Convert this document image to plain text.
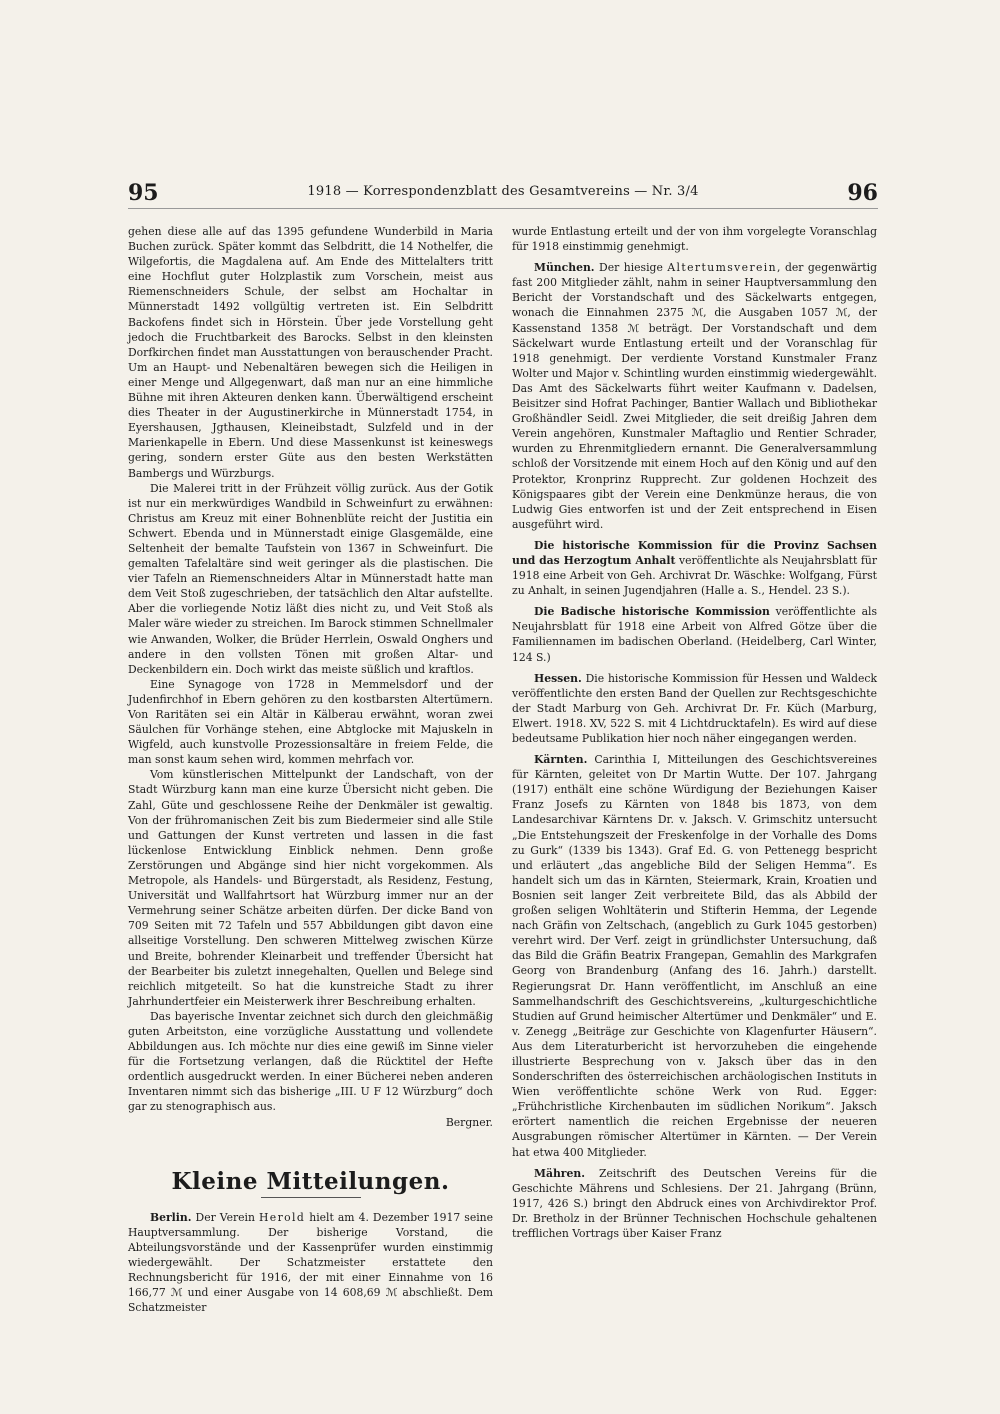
95	1918 — Korrespondenzblatt des Gesamtvereins — Nr. 3/4	96

gehen diese alle auf das 1395 gefundene Wunderbild in Maria Buchen zurück. Später kommt das Selbdritt, die 14 Nothelfer, die Wilgefortis, die Magdalena auf. Am Ende des Mittelalters tritt eine Hochflut guter Holzplastik zum Vorschein, meist aus Riemenschneiders Schule, der selbst am Hochaltar in Münnerstadt 1492 vollgültig vertreten ist. Ein Selbdritt Backofens findet sich in Hörstein. Über jede Vorstellung geht jedoch die Fruchtbarkeit des Barocks. Selbst in den kleinsten Dorfkirchen findet man Ausstattungen von berauschender Pracht. Um an Haupt- und Nebenaltären bewegen sich die Heiligen in einer Menge und Allgegenwart, daß man nur an eine himmliche Bühne mit ihren Akteuren denken kann. Überwältigend erscheint dies Theater in der Augustinerkirche in Münnerstadt 1754, in Eyershausen, Jgthausen, Kleineibstadt, Sulzfeld und in der Marienkapelle in Ebern. Und diese Massenkunst ist keineswegs gering, sondern erster Güte aus den besten Werkstätten Bambergs und Würzburgs.

Die Malerei tritt in der Frühzeit völlig zurück. Aus der Gotik ist nur ein merkwürdiges Wandbild in Schweinfurt zu erwähnen: Christus am Kreuz mit einer Bohnenblüte reicht der Justitia ein Schwert. Ebenda und in Münnerstadt einige Glasgemälde, eine Seltenheit der bemalte Taufstein von 1367 in Schweinfurt. Die gemalten Tafelaltäre sind weit geringer als die plastischen. Die vier Tafeln an Riemenschneiders Altar in Münnerstadt hatte man dem Veit Stoß zugeschrieben, der tatsächlich den Altar aufstellte. Aber die vorliegende Notiz läßt dies nicht zu, und Veit Stoß als Maler wäre wieder zu streichen. Im Barock stimmen Schnellmaler wie Anwanden, Wolker, die Brüder Herrlein, Oswald Onghers und andere in den vollsten Tönen mit großen Altar- und Deckenbildern ein. Doch wirkt das meiste süßlich und kraftlos.

Eine Synagoge von 1728 in Memmelsdorf und der Judenfirchhof in Ebern gehören zu den kostbarsten Altertümern. Von Raritäten sei ein Altär in Kälberau erwähnt, woran zwei Säulchen für Vorhänge stehen, eine Abtglocke mit Majuskeln in Wigfeld, auch kunstvolle Prozessionsaltäre in freiem Felde, die man sonst kaum sehen wird, kommen mehrfach vor.

Vom künstlerischen Mittelpunkt der Landschaft, von der Stadt Würzburg kann man eine kurze Übersicht nicht geben. Die Zahl, Güte und geschlossene Reihe der Denkmäler ist gewaltig. Von der frühromanischen Zeit bis zum Biedermeier sind alle Stile und Gattungen der Kunst vertreten und lassen in die fast lückenlose Entwicklung Einblick nehmen. Denn große Zerstörungen und Abgänge sind hier nicht vorgekommen. Als Metropole, als Handels- und Bürgerstadt, als Residenz, Festung, Universität und Wallfahrtsort hat Würzburg immer nur an der Vermehrung seiner Schätze arbeiten dürfen. Der dicke Band von 709 Seiten mit 72 Tafeln und 557 Abbildungen gibt davon eine allseitige Vorstellung. Den schweren Mittelweg zwischen Kürze und Breite, bohrender Kleinarbeit und treffender Übersicht hat der Bearbeiter bis zuletzt innegehalten, Quellen und Belege sind reichlich mitgeteilt. So hat die kunstreiche Stadt zu ihrer Jahrhundertfeier ein Meisterwerk ihrer Beschreibung erhalten.

Das bayerische Inventar zeichnet sich durch den gleichmäßig guten Arbeitston, eine vorzügliche Ausstattung und vollendete Abbildungen aus. Ich möchte nur dies eine gewiß im Sinne vieler für die Fortsetzung verlangen, daß die Rücktitel der Hefte ordentlich ausgedruckt werden. In einer Bücherei neben anderen Inventaren nimmt sich das bisherige „III. U F 12 Würzburg“ doch gar zu stenographisch aus.

Bergner.

Kleine Mitteilungen.

Berlin. Der Verein Herold hielt am 4. Dezember 1917 seine Hauptversammlung. Der bisherige Vorstand, die Abteilungsvorstände und der Kassenprüfer wurden einstimmig wiedergewählt. Der Schatzmeister erstattete den Rechnungsbericht für 1916, der mit einer Einnahme von 16 166,77 ℳ und einer Ausgabe von 14 608,69 ℳ abschließt. Dem Schatzmeister

wurde Entlastung erteilt und der von ihm vorgelegte Voranschlag für 1918 einstimmig genehmigt.

München. Der hiesige Altertumsverein, der gegenwärtig fast 200 Mitglieder zählt, nahm in seiner Hauptversammlung den Bericht der Vorstandschaft und des Säckelwarts entgegen, wonach die Einnahmen 2375 ℳ, die Ausgaben 1057 ℳ, der Kassenstand 1358 ℳ beträgt. Der Vorstandschaft und dem Säckelwart wurde Entlastung erteilt und der Voranschlag für 1918 genehmigt. Der verdiente Vorstand Kunstmaler Franz Wolter und Major v. Schintling wurden einstimmig wiedergewählt. Das Amt des Säckelwarts führt weiter Kaufmann v. Dadelsen, Beisitzer sind Hofrat Pachinger, Bantier Wallach und Bibliothekar Großhändler Seidl. Zwei Mitglieder, die seit dreißig Jahren dem Verein angehören, Kunstmaler Maftaglio und Rentier Schrader, wurden zu Ehrenmitgliedern ernannt. Die Generalversammlung schloß der Vorsitzende mit einem Hoch auf den König und auf den Protektor, Kronprinz Rupprecht. Zur goldenen Hochzeit des Königspaares gibt der Verein eine Denkmünze heraus, die von Ludwig Gies entworfen ist und der Zeit entsprechend in Eisen ausgeführt wird.

Die historische Kommission für die Provinz Sachsen und das Herzogtum Anhalt veröffentlichte als Neujahrsblatt für 1918 eine Arbeit von Geh. Archivrat Dr. Wäschke: Wolfgang, Fürst zu Anhalt, in seinen Jugendjahren (Halle a. S., Hendel. 23 S.).

Die Badische historische Kommission veröffentlichte als Neujahrsblatt für 1918 eine Arbeit von Alfred Götze über die Familiennamen im badischen Oberland. (Heidelberg, Carl Winter, 124 S.)

Hessen. Die historische Kommission für Hessen und Waldeck veröffentlichte den ersten Band der Quellen zur Rechtsgeschichte der Stadt Marburg von Geh. Archivrat Dr. Fr. Küch (Marburg, Elwert. 1918. XV, 522 S. mit 4 Lichtdrucktafeln). Es wird auf diese bedeutsame Publikation hier noch näher eingegangen werden.

Kärnten. Carinthia I, Mitteilungen des Geschichtsvereines für Kärnten, geleitet von Dr Martin Wutte. Der 107. Jahrgang (1917) enthält eine schöne Würdigung der Beziehungen Kaiser Franz Josefs zu Kärnten von 1848 bis 1873, von dem Landesarchivar Kärntens Dr. v. Jaksch. V. Grimschitz untersucht „Die Entstehungszeit der Freskenfolge in der Vorhalle des Doms zu Gurk“ (1339 bis 1343). Graf Ed. G. von Pettenegg bespricht und erläutert „das angebliche Bild der Seligen Hemma“. Es handelt sich um das in Kärnten, Steiermark, Krain, Kroatien und Bosnien seit langer Zeit verbreitete Bild, das als Abbild der großen seligen Wohltäterin und Stifterin Hemma, der Legende nach Gräfin von Zeltschach, (angeblich zu Gurk 1045 gestorben) verehrt wird. Der Verf. zeigt in gründlichster Untersuchung, daß das Bild die Gräfin Beatrix Frangepan, Gemahlin des Markgrafen Georg von Brandenburg (Anfang des 16. Jahrh.) darstellt. Regierungsrat Dr. Hann veröffentlicht, im Anschluß an eine Sammelhandschrift des Geschichtsvereins, „kulturgeschichtliche Studien auf Grund heimischer Altertümer und Denkmäler“ und E. v. Zenegg „Beiträge zur Geschichte von Klagenfurter Häusern“. Aus dem Literaturbericht ist hervorzuheben die eingehende illustrierte Besprechung von v. Jaksch über das in den Sonderschriften des österreichischen archäologischen Instituts in Wien veröffentlichte schöne Werk von Rud. Egger: „Frühchristliche Kirchenbauten im südlichen Norikum“. Jaksch erörtert namentlich die reichen Ergebnisse der neueren Ausgrabungen römischer Altertümer in Kärnten. — Der Verein hat etwa 400 Mitglieder.

Mähren. Zeitschrift des Deutschen Vereins für die Geschichte Mährens und Schlesiens. Der 21. Jahrgang (Brünn, 1917, 426 S.) bringt den Abdruck eines von Archivdirektor Prof. Dr. Bretholz in der Brünner Technischen Hochschule gehaltenen trefflichen Vortrags über Kaiser Franz
